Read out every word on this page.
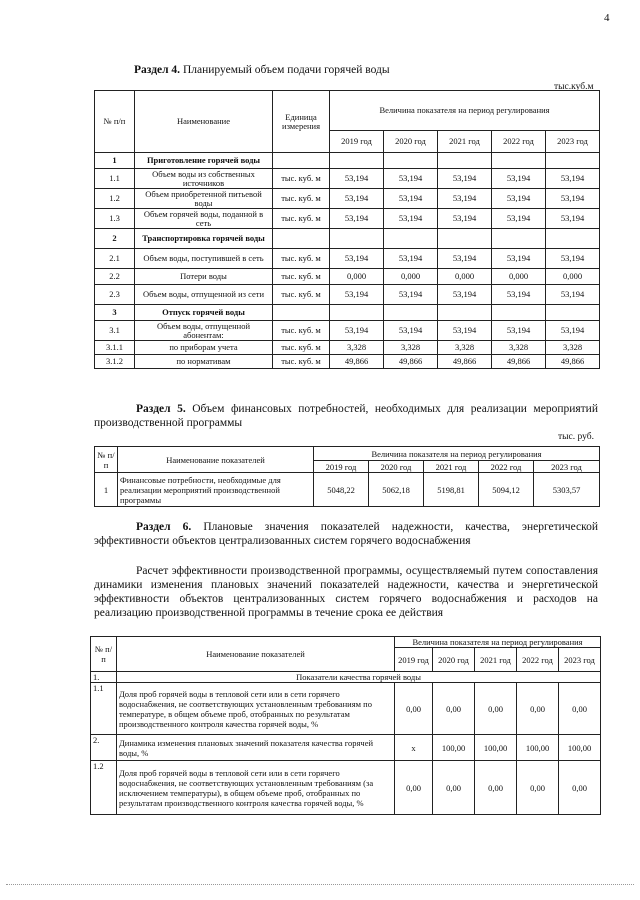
4
Раздел 4. Планируемый объем подачи горячей воды
тыс.куб.м
№ п/п	Наименование	Единица измерения	Величина показателя на период регулирования				
			2019 год	2020 год	2021 год	2022 год	2023 год
1	Приготовление горячей воды						
1.1	Объем воды из собственных источников	тыс. куб. м	53,194	53,194	53,194	53,194	53,194
1.2	Объем приобретенной питьевой воды	тыс. куб. м	53,194	53,194	53,194	53,194	53,194
1.3	Объем горячей воды, поданной в сеть	тыс. куб. м	53,194	53,194	53,194	53,194	53,194
2	Транспортировка горячей воды						
2.1	Объем воды, поступившей в сеть	тыс. куб. м	53,194	53,194	53,194	53,194	53,194
2.2	Потери воды	тыс. куб. м	0,000	0,000	0,000	0,000	0,000
2.3	Объем воды, отпущенной из сети	тыс. куб. м	53,194	53,194	53,194	53,194	53,194
3	Отпуск горячей воды						
3.1	Объем воды, отпущенной абонентам:	тыс. куб. м	53,194	53,194	53,194	53,194	53,194
3.1.1	по приборам учета	тыс. куб. м	3,328	3,328	3,328	3,328	3,328
3.1.2	по нормативам	тыс. куб. м	49,866	49,866	49,866	49,866	49,866
Раздел 5. Объем финансовых потребностей, необходимых для реализации мероприятий производственной программы
тыс. руб.
№ п/п	Наименование показателей	Величина показателя на период регулирования				
		2019 год	2020 год	2021 год	2022 год	2023 год
1	Финансовые потребности, необходимые для реализации мероприятий производственной программы	5048,22	5062,18	5198,81	5094,12	5303,57
Раздел 6. Плановые значения показателей надежности, качества, энергетической эффективности объектов централизованных систем горячего водоснабжения
Расчет эффективности производственной программы, осуществляемый путем сопоставления динамики изменения плановых значений показателей надежности, качества и энергетической эффективности объектов централизованных систем горячего водоснабжения и расходов на реализацию производственной программы в течение срока ее действия
№ п/п	Наименование показателей	Величина показателя на период регулирования				
		2019 год	2020 год	2021 год	2022 год	2023 год
1.	Показатели качества горячей воды					
1.1	Доля проб горячей воды в тепловой сети или в сети горячего водоснабжения, не соответствующих установленным требованиям по температуре, в общем объеме проб, отобранных по результатам производственного контроля качества горячей воды, %	0,00	0,00	0,00	0,00	0,00
2.	Динамика изменения плановых значений показателя качества горячей воды, %	x	100,00	100,00	100,00	100,00
1.2	Доля проб горячей воды в тепловой сети или в сети горячего водоснабжения, не соответствующих установленным требованиям (за исключением температуры), в общем объеме проб, отобранных по результатам производственного контроля качества горячей воды, %	0,00	0,00	0,00	0,00	0,00
